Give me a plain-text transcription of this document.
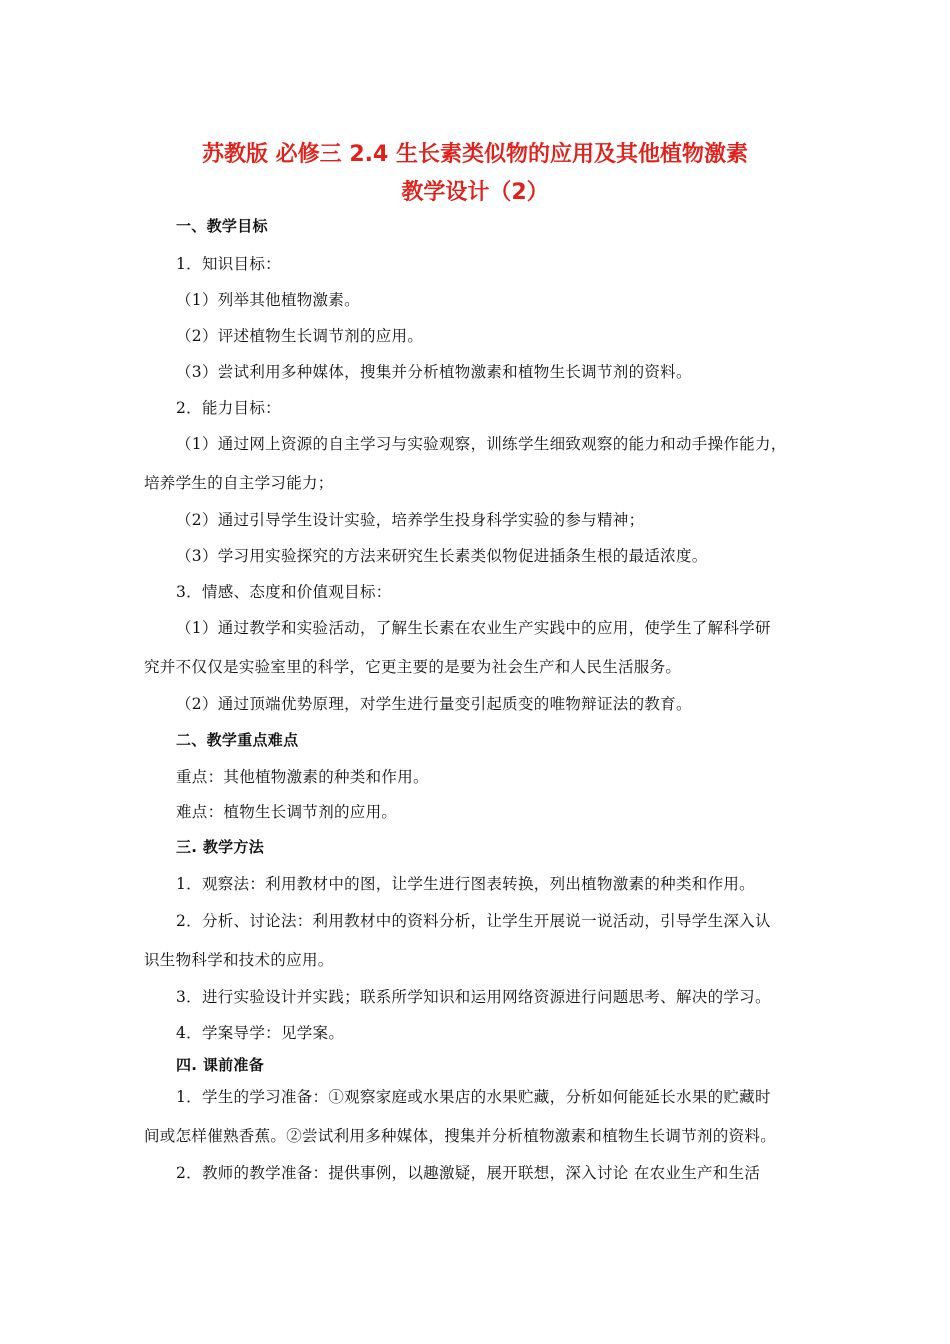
苏教版 必修三 2.4 生长素类似物的应用及其他植物激素
教学设计（2）
一、教学目标
1．知识目标：
（1）列举其他植物激素。
（2）评述植物生长调节剂的应用。
（3）尝试利用多种媒体，搜集并分析植物激素和植物生长调节剂的资料。
2．能力目标：
（1）通过网上资源的自主学习与实验观察，训练学生细致观察的能力和动手操作能力，
培养学生的自主学习能力；
（2）通过引导学生设计实验，培养学生投身科学实验的参与精神；
（3）学习用实验探究的方法来研究生长素类似物促进插条生根的最适浓度。
3．情感、态度和价值观目标：
（1）通过教学和实验活动，了解生长素在农业生产实践中的应用，使学生了解科学研
究并不仅仅是实验室里的科学，它更主要的是要为社会生产和人民生活服务。
（2）通过顶端优势原理，对学生进行量变引起质变的唯物辩证法的教育。
二、教学重点难点
重点：其他植物激素的种类和作用。
难点：植物生长调节剂的应用。
三. 教学方法
1．观察法：利用教材中的图，让学生进行图表转换，列出植物激素的种类和作用。
2．分析、讨论法：利用教材中的资料分析，让学生开展说一说活动，引导学生深入认
识生物科学和技术的应用。
3．进行实验设计并实践；联系所学知识和运用网络资源进行问题思考、解决的学习。
4．学案导学：见学案。
四. 课前准备
1．学生的学习准备：①观察家庭或水果店的水果贮藏，分析如何能延长水果的贮藏时
间或怎样催熟香蕉。②尝试利用多种媒体，搜集并分析植物激素和植物生长调节剂的资料。
2．教师的教学准备：提供事例，以趣激疑，展开联想，深入讨论 在农业生产和生活
